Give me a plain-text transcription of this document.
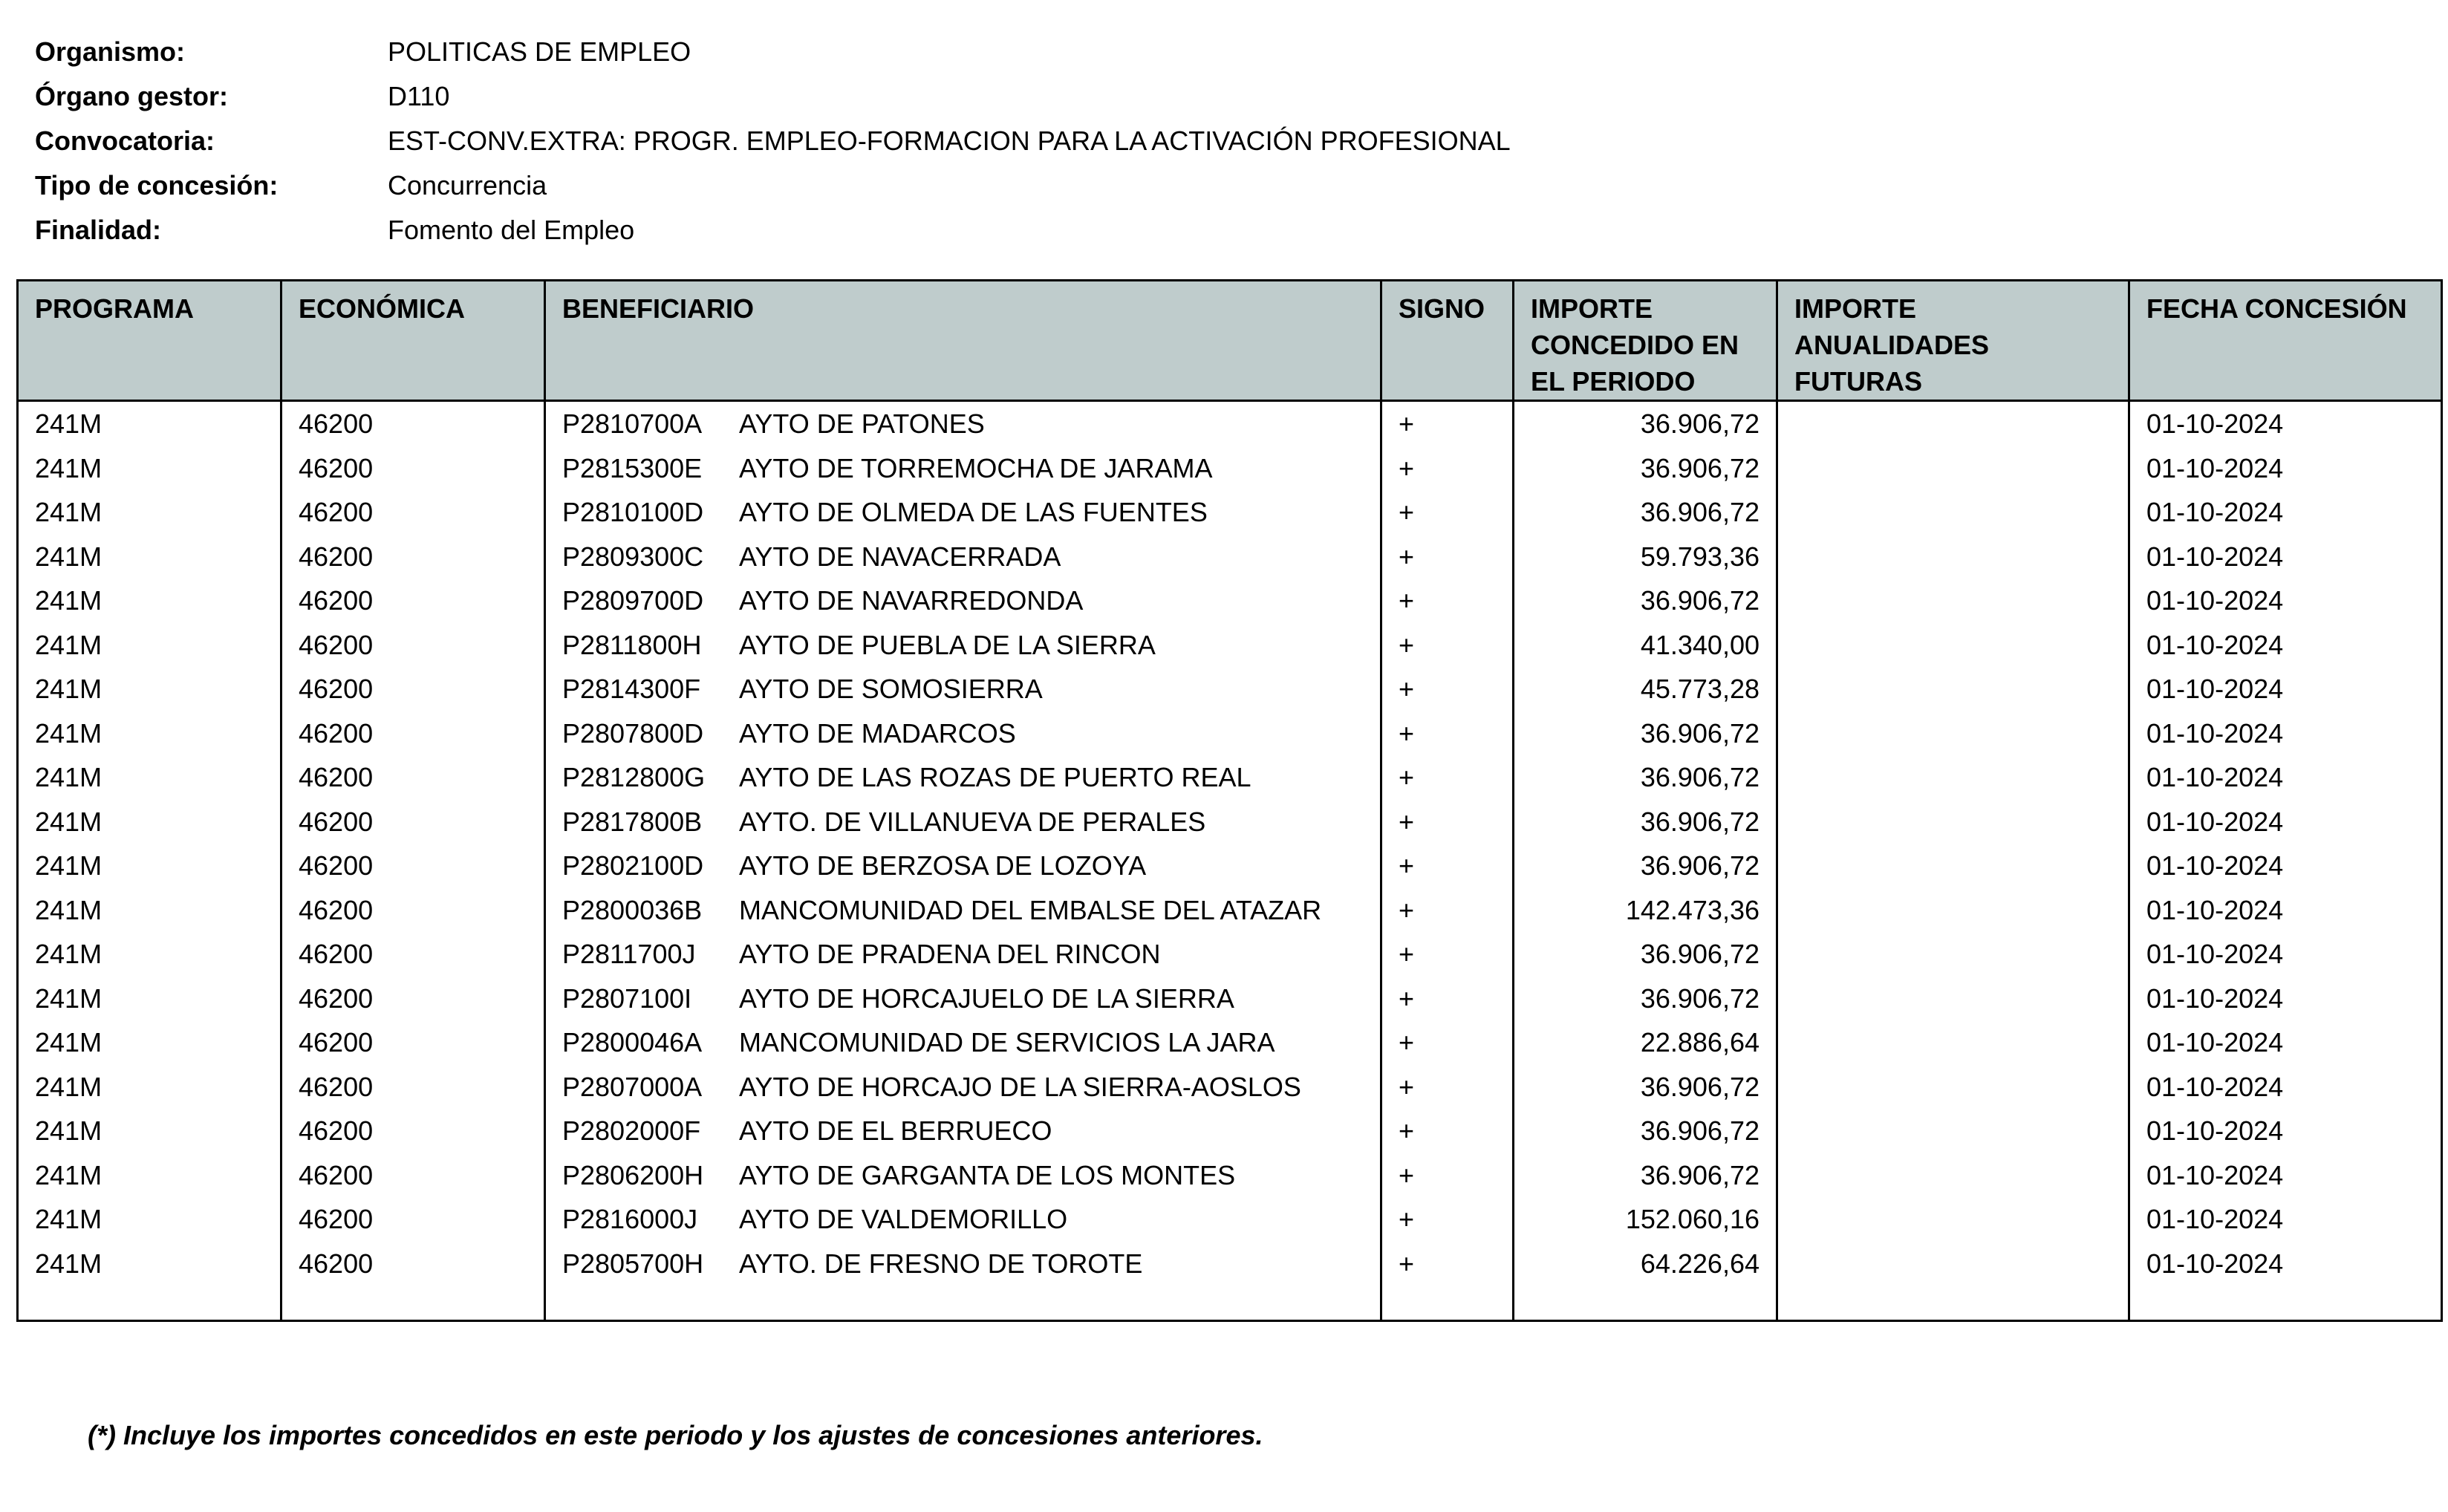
Organismo:	POLITICAS DE EMPLEO
Órgano gestor:	D110
Convocatoria:	EST-CONV.EXTRA: PROGR. EMPLEO-FORMACION PARA LA ACTIVACIÓN PROFESIONAL
Tipo de concesión:	Concurrencia
Finalidad:	Fomento del Empleo
PROGRAMA	ECONÓMICA	BENEFICIARIO	SIGNO	IMPORTE CONCEDIDO EN EL PERIODO	IMPORTE ANUALIDADES FUTURAS	FECHA CONCESIÓN
241M	46200	P2810700A AYTO DE PATONES	+	36.906,72		01-10-2024
241M	46200	P2815300E AYTO DE TORREMOCHA DE JARAMA	+	36.906,72		01-10-2024
241M	46200	P2810100D AYTO DE OLMEDA DE LAS FUENTES	+	36.906,72		01-10-2024
241M	46200	P2809300C AYTO DE NAVACERRADA	+	59.793,36		01-10-2024
241M	46200	P2809700D AYTO DE NAVARREDONDA	+	36.906,72		01-10-2024
241M	46200	P2811800H AYTO DE PUEBLA DE LA SIERRA	+	41.340,00		01-10-2024
241M	46200	P2814300F AYTO DE SOMOSIERRA	+	45.773,28		01-10-2024
241M	46200	P2807800D AYTO DE MADARCOS	+	36.906,72		01-10-2024
241M	46200	P2812800G AYTO DE LAS ROZAS DE PUERTO REAL	+	36.906,72		01-10-2024
241M	46200	P2817800B AYTO. DE VILLANUEVA DE PERALES	+	36.906,72		01-10-2024
241M	46200	P2802100D AYTO DE BERZOSA DE LOZOYA	+	36.906,72		01-10-2024
241M	46200	P2800036B MANCOMUNIDAD DEL EMBALSE DEL ATAZAR	+	142.473,36		01-10-2024
241M	46200	P2811700J AYTO DE PRADENA DEL RINCON	+	36.906,72		01-10-2024
241M	46200	P2807100I AYTO DE HORCAJUELO DE LA SIERRA	+	36.906,72		01-10-2024
241M	46200	P2800046A MANCOMUNIDAD DE SERVICIOS LA JARA	+	22.886,64		01-10-2024
241M	46200	P2807000A AYTO DE HORCAJO DE LA SIERRA-AOSLOS	+	36.906,72		01-10-2024
241M	46200	P2802000F AYTO DE EL BERRUECO	+	36.906,72		01-10-2024
241M	46200	P2806200H AYTO DE GARGANTA DE LOS MONTES	+	36.906,72		01-10-2024
241M	46200	P2816000J AYTO DE VALDEMORILLO	+	152.060,16		01-10-2024
241M	46200	P2805700H AYTO. DE FRESNO DE TOROTE	+	64.226,64		01-10-2024

(*) Incluye los importes concedidos en este periodo y los ajustes de concesiones anteriores.
